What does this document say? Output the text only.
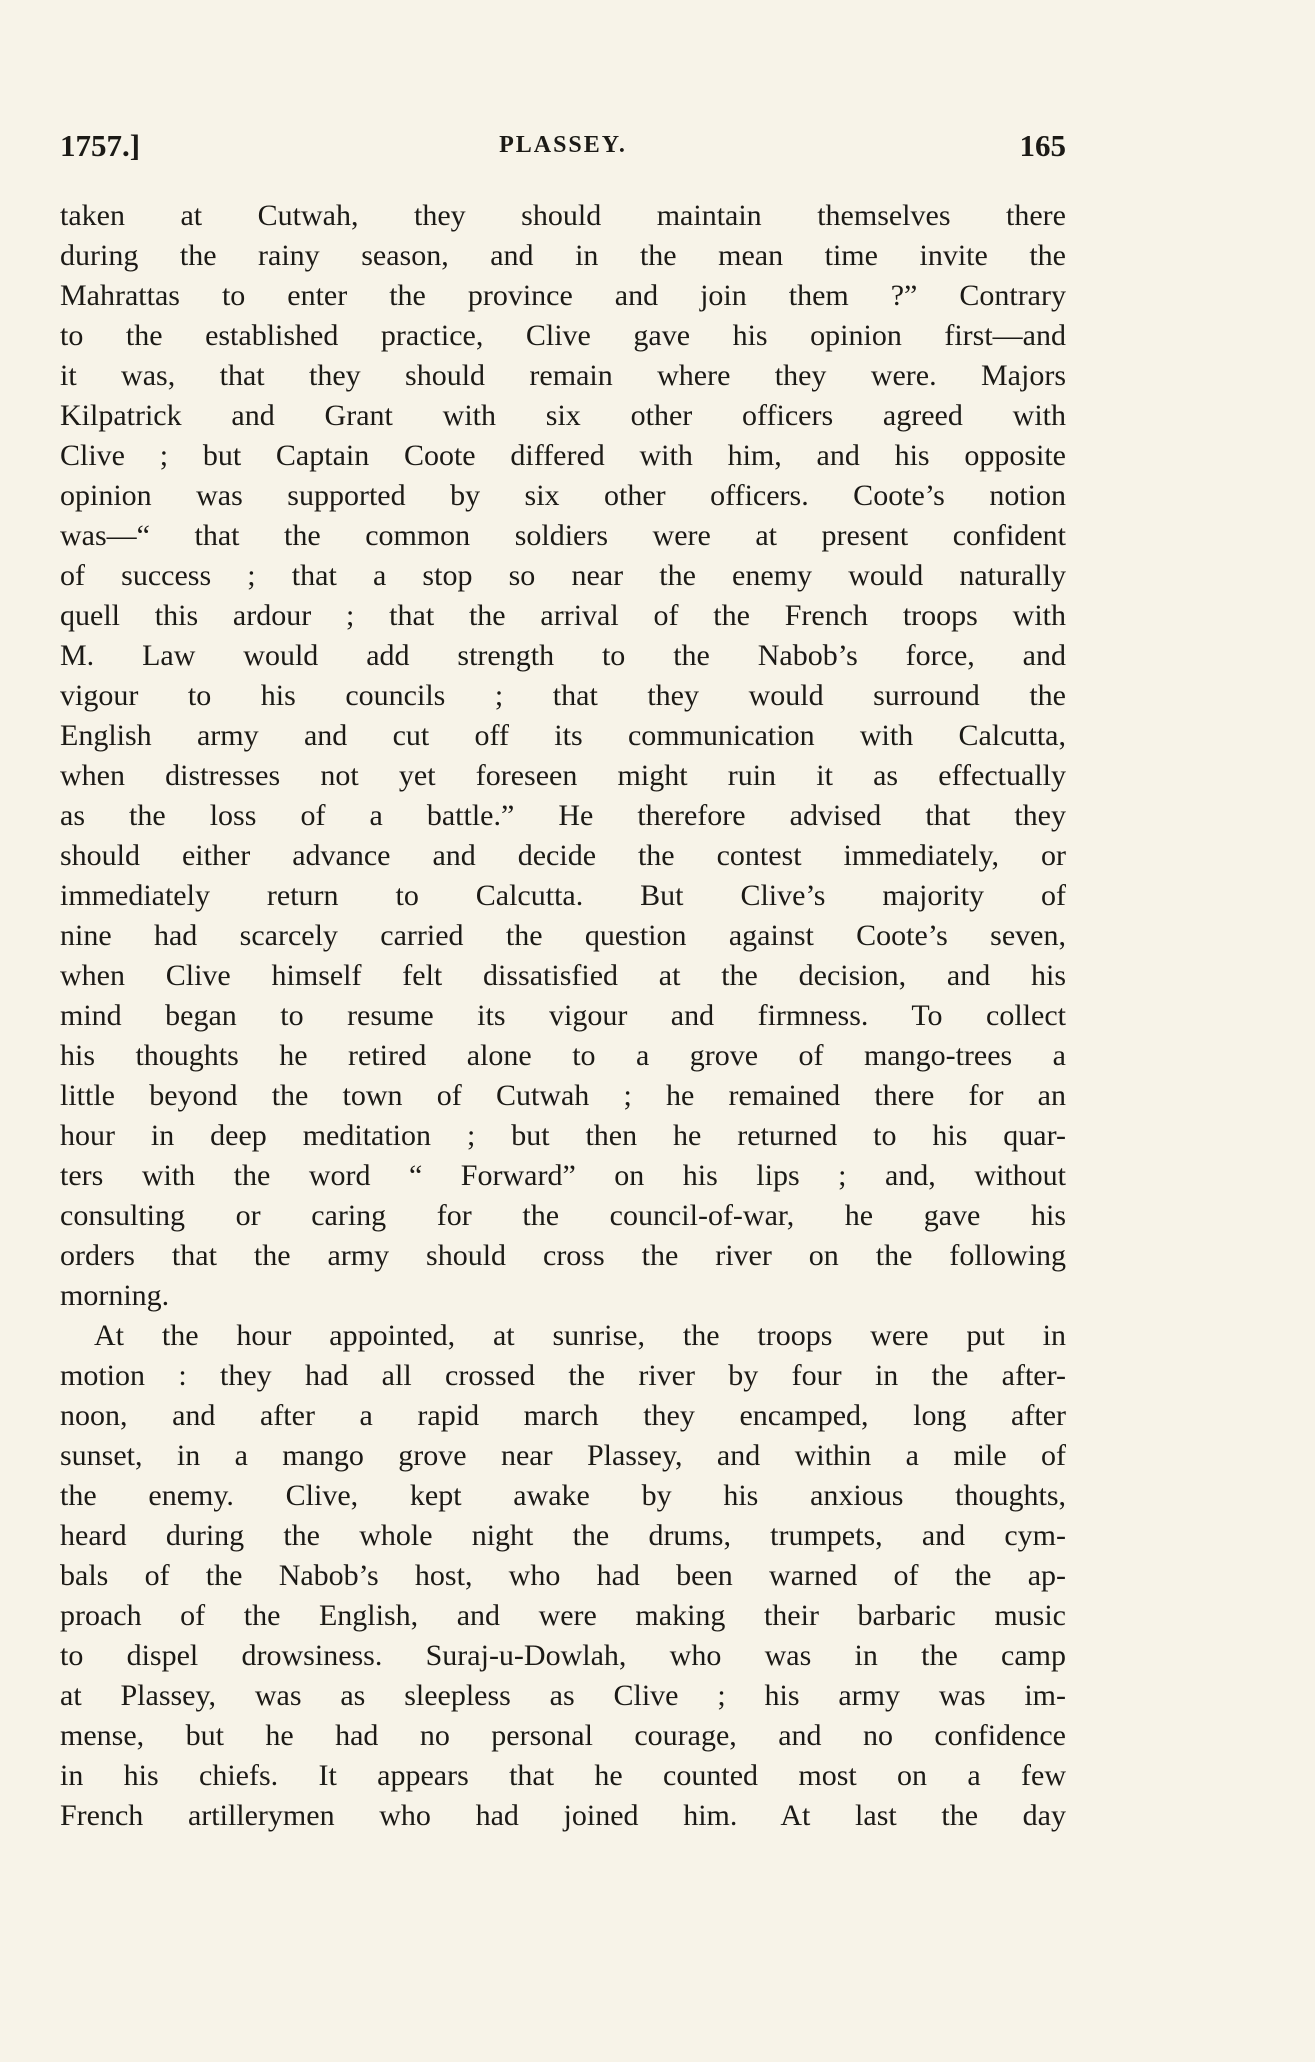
1757.]	PLASSEY.	165
taken at Cutwah, they should maintain themselves there
during the rainy season, and in the mean time invite the
Mahrattas to enter the province and join them ?” Contrary
to the established practice, Clive gave his opinion first—and
it was, that they should remain where they were. Majors
Kilpatrick and Grant with six other officers agreed with
Clive ; but Captain Coote differed with him, and his opposite
opinion was supported by six other officers. Coote’s notion
was—“ that the common soldiers were at present confident
of success ; that a stop so near the enemy would naturally
quell this ardour ; that the arrival of the French troops with
M. Law would add strength to the Nabob’s force, and
vigour to his councils ; that they would surround the
English army and cut off its communication with Calcutta,
when distresses not yet foreseen might ruin it as effectually
as the loss of a battle.” He therefore advised that they
should either advance and decide the contest immediately, or
immediately return to Calcutta. But Clive’s majority of
nine had scarcely carried the question against Coote’s seven,
when Clive himself felt dissatisfied at the decision, and his
mind began to resume its vigour and firmness. To collect
his thoughts he retired alone to a grove of mango-trees a
little beyond the town of Cutwah ; he remained there for an
hour in deep meditation ; but then he returned to his quar-
ters with the word “ Forward” on his lips ; and, without
consulting or caring for the council-of-war, he gave his
orders that the army should cross the river on the following
morning.
At the hour appointed, at sunrise, the troops were put in
motion : they had all crossed the river by four in the after-
noon, and after a rapid march they encamped, long after
sunset, in a mango grove near Plassey, and within a mile of
the enemy. Clive, kept awake by his anxious thoughts,
heard during the whole night the drums, trumpets, and cym-
bals of the Nabob’s host, who had been warned of the ap-
proach of the English, and were making their barbaric music
to dispel drowsiness. Suraj-u-Dowlah, who was in the camp
at Plassey, was as sleepless as Clive ; his army was im-
mense, but he had no personal courage, and no confidence
in his chiefs. It appears that he counted most on a few
French artillerymen who had joined him. At last the day
